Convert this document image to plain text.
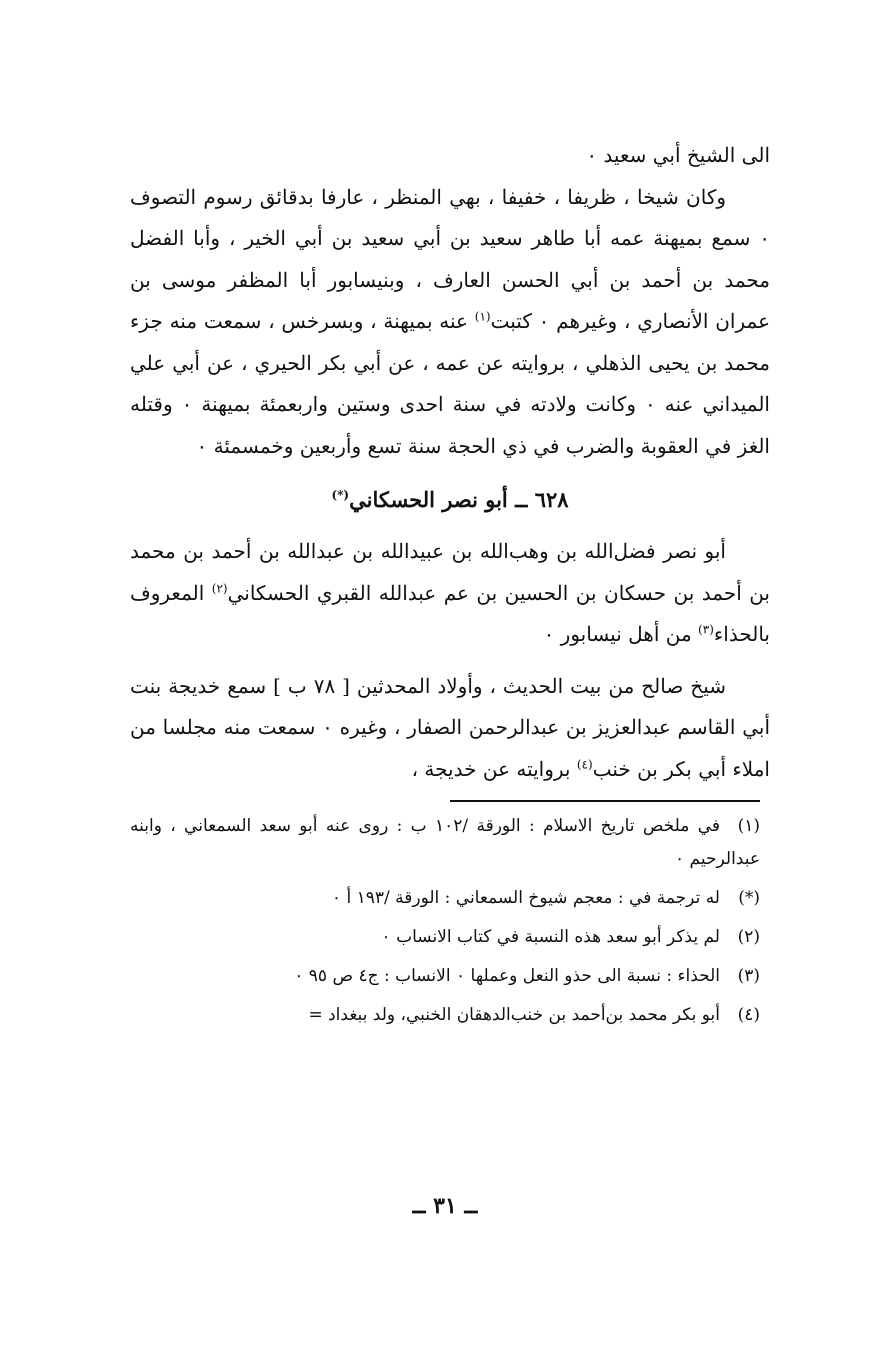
الى الشيخ أبي سعيد ٠

وكان شيخا ، ظريفا ، خفيفا ، بهي المنظر ، عارفا بدقائق رسوم التصوف ٠ سمع بميهنة عمه أبا طاهر سعيد بن أبي سعيد بن أبي الخير ، وأبا الفضل محمد بن أحمد بن أبي الحسن العارف ، وبنيسابور أبا المظفر موسى بن عمران الأنصاري ، وغيرهم ٠ كتبت$^{(١)}$ عنه بميهنة ، وبسرخس ، سمعت منه جزء محمد بن يحيى الذهلي ، بروايته عن عمه ، عن أبي بكر الحيري ، عن أبي علي الميداني عنه ٠ وكانت ولادته في سنة احدى وستين واربعمئة بميهنة ٠ وقتله الغز في العقوبة والضرب في ذي الحجة سنة تسع وأربعين وخمسمئة ٠

٦٢٨ ــ أبو نصر الحسكاني(*)

أبو نصر فضل‌الله بن وهب‌الله بن عبيدالله بن عبدالله بن أحمد بن محمد بن أحمد بن حسكان بن الحسين بن عم عبدالله القبري الحسكاني$^{(٢)}$ المعروف بالحذاء$^{(٣)}$ من أهل نيسابور ٠

شيخ صالح من بيت الحديث ، وأولاد المحدثين [ ٧٨ ب ] سمع خديجة بنت أبي القاسم عبدالعزيز بن عبدالرحمن الصفار ، وغيره ٠ سمعت منه مجلسا من املاء أبي بكر بن خنب$^{(٤)}$ بروايته عن خديجة ،

(١)في ملخص تاريخ الاسلام : الورقة /١٠٢ ب : روى عنه أبو سعد السمعاني ، وابنه عبدالرحيم ٠

(*)له ترجمة في : معجم شيوخ السمعاني : الورقة /١٩٣ أ ٠

(٢)لم يذكر أبو سعد هذه النسبة في كتاب الانساب ٠

(٣)الحذاء : نسبة الى حذو النعل وعملها ٠ الانساب : ج٤ ص ٩٥ ٠

(٤)أبو بكر محمد بن‌أحمد بن خنب‌الدهقان الخنبي، ولد ببغداد =

ــ ٣١ ــ
